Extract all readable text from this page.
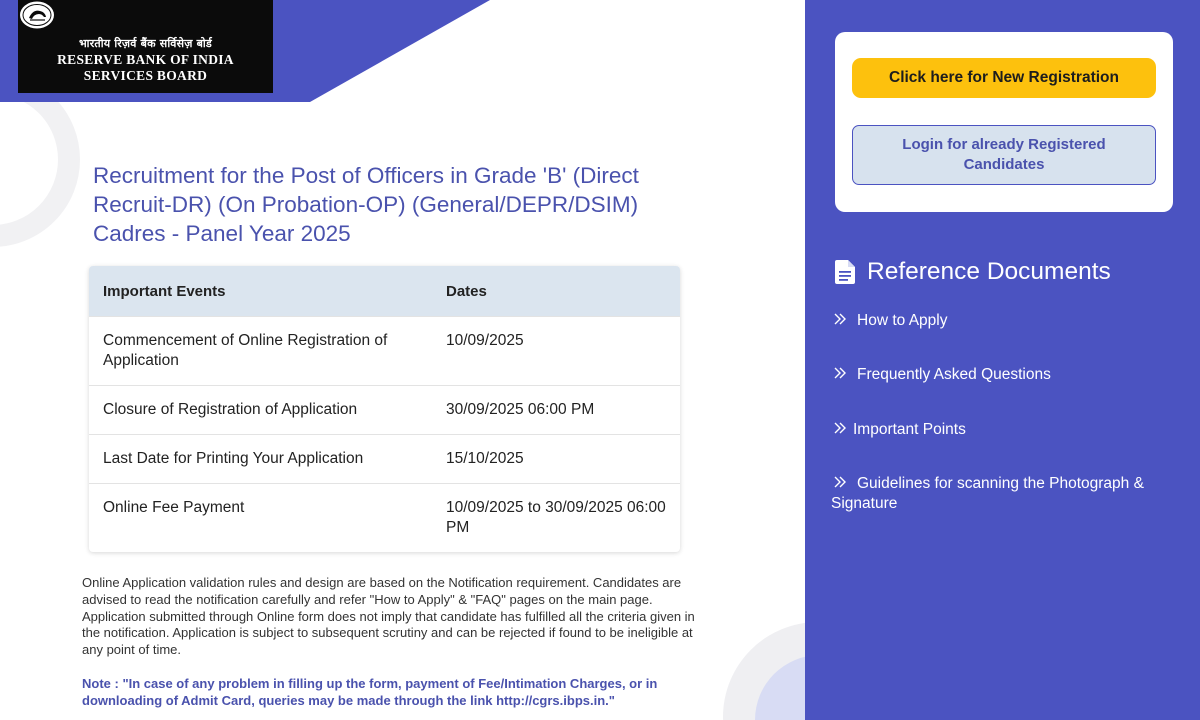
भारतीय रिज़र्व बैंक सर्विसेज़ बोर्ड
RESERVE BANK OF INDIA
SERVICES BOARD
Recruitment for the Post of Officers in Grade 'B' (Direct Recruit-DR) (On Probation-OP) (General/DEPR/DSIM) Cadres - Panel Year 2025
Important Events	Dates
Commencement of Online Registration of Application	10/09/2025
Closure of Registration of Application	30/09/2025 06:00 PM
Last Date for Printing Your Application	15/10/2025
Online Fee Payment	10/09/2025 to 30/09/2025 06:00 PM

Online Application validation rules and design are based on the Notification requirement. Candidates are advised to read the notification carefully and refer "How to Apply" & "FAQ" pages on the main page. Application submitted through Online form does not imply that candidate has fulfilled all the criteria given in the notification. Application is subject to subsequent scrutiny and can be rejected if found to be ineligible at any point of time.

Note : "In case of any problem in filling up the form, payment of Fee/Intimation Charges, or in downloading of Admit Card, queries may be made through the link http://cgrs.ibps.in."

Click here for New Registration
Login for already Registered Candidates
Reference Documents
How to Apply
Frequently Asked Questions
Important Points
Guidelines for scanning the Photograph & Signature
